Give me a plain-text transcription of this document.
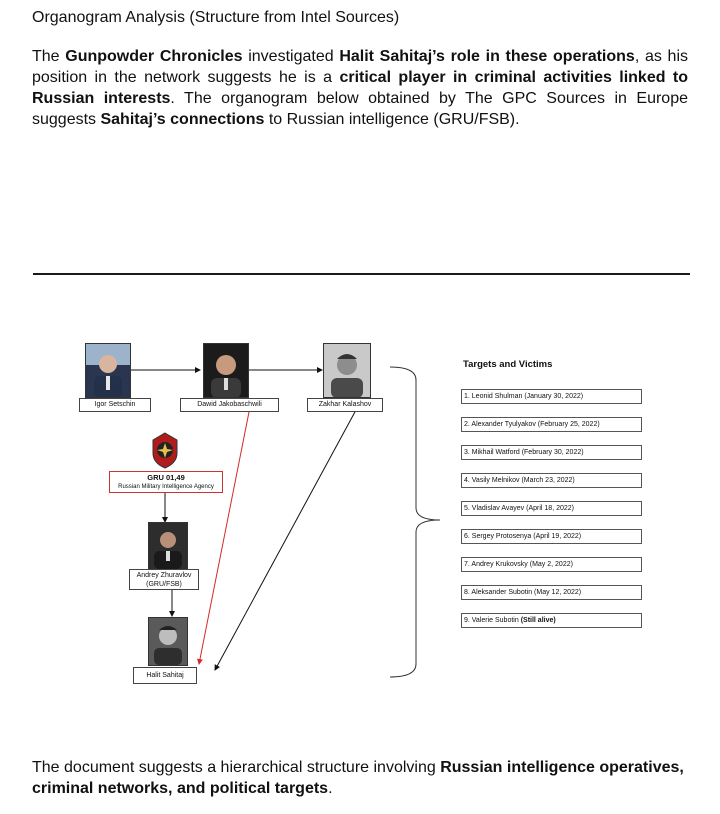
Organogram Analysis (Structure from Intel Sources)
The Gunpowder Chronicles investigated Halit Sahitaj’s role in these operations, as his position in the network suggests he is a critical player in criminal activities linked to Russian interests. The organogram below obtained by The GPC Sources in Europe suggests Sahitaj’s connections to Russian intelligence (GRU/FSB).
Igor Setschin	Dawid Jakobaschwili	Zakhar Kalashov
GRU 01,49
Russian Military Intelligence Agency
Andrey Zhuravlov
(GRU/FSB)
Halit Sahitaj
Targets and Victims
1. Leonid Shulman (January 30, 2022)
2. Alexander Tyulyakov (February 25, 2022)
3. Mikhail Watford (February 30, 2022)
4. Vasily Melnikov (March 23, 2022)
5. Vladislav Avayev (April 18, 2022)
6. Sergey Protosenya (April 19, 2022)
7. Andrey Krukovsky (May 2, 2022)
8. Aleksander Subotin (May 12, 2022)
9. Valerie Subotin (Still alive)
The document suggests a hierarchical structure involving Russian intelligence operatives, criminal networks, and political targets.
